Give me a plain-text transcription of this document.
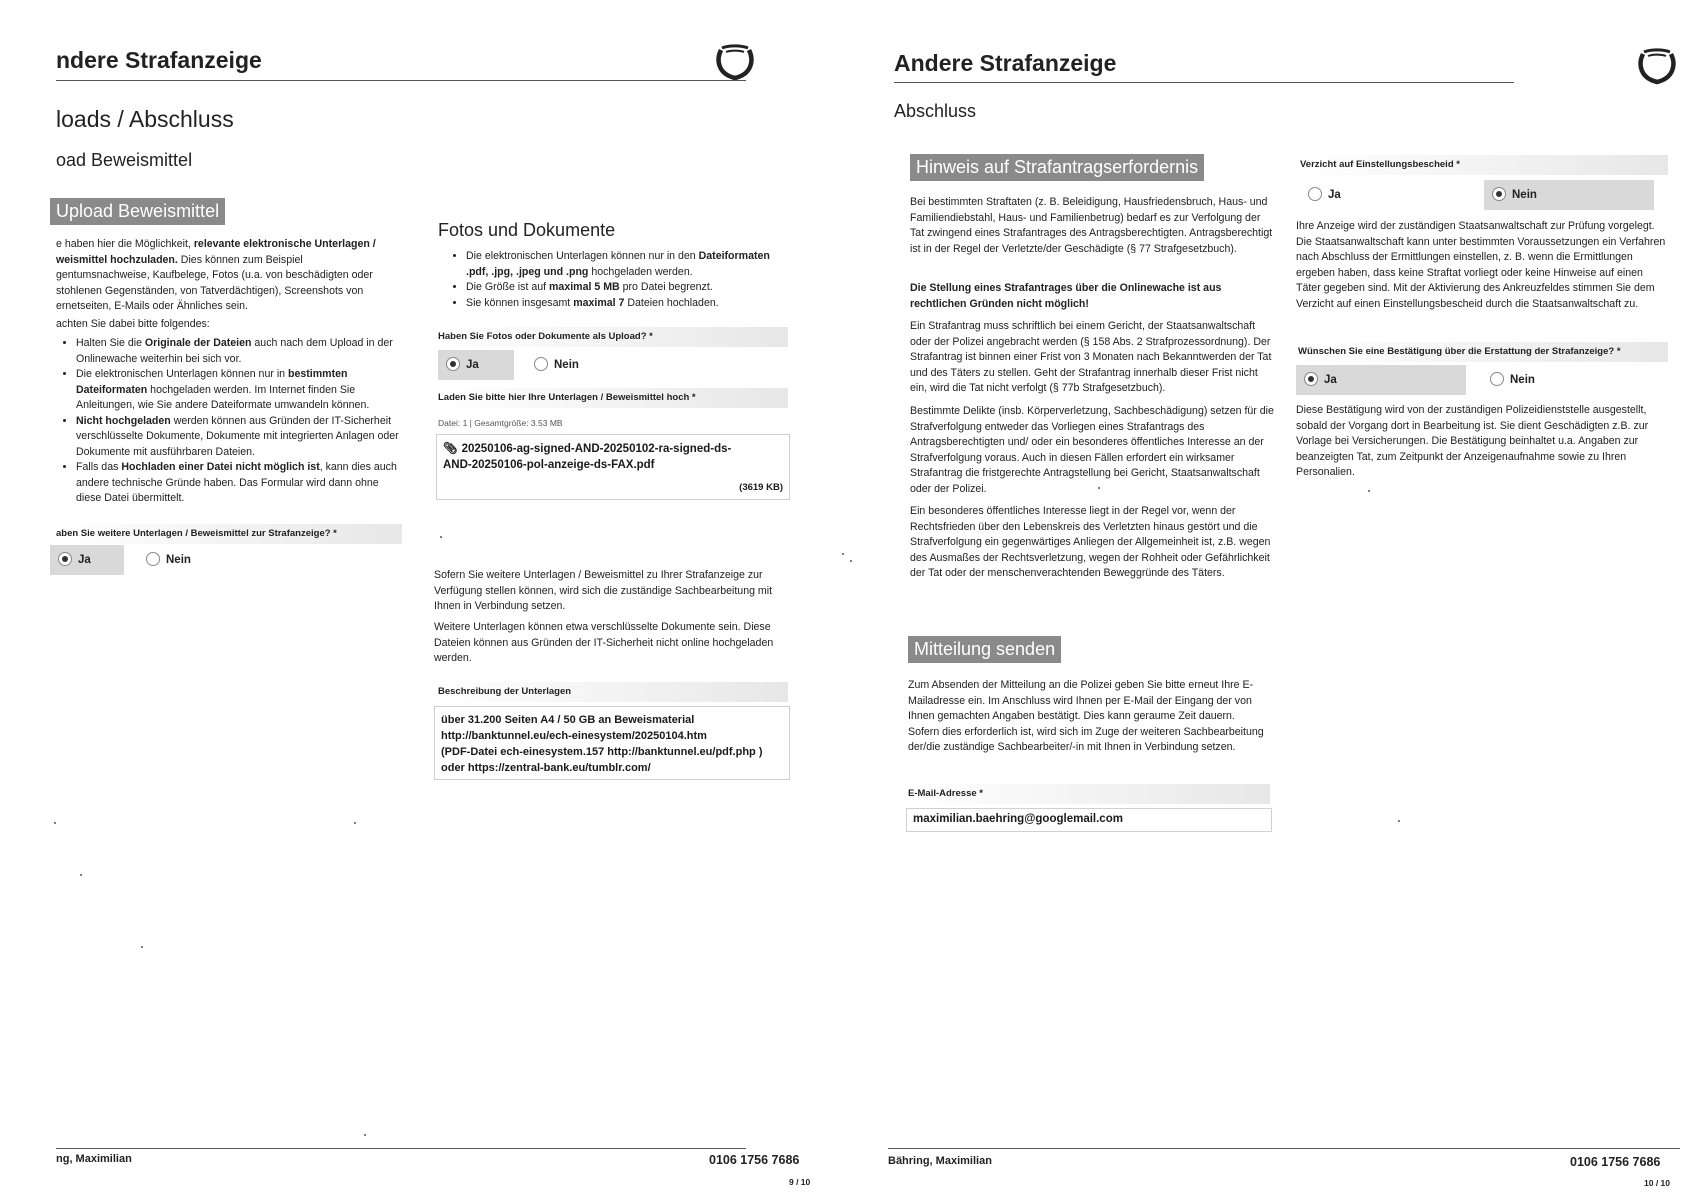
ndere Strafanzeige
loads / Abschluss
oad Beweismittel
Upload Beweismittel
e haben hier die Möglichkeit, relevante elektronische Unterlagen /
weismittel hochzuladen. Dies können zum Beispiel
gentumsnachweise, Kaufbelege, Fotos (u.a. von beschädigten oder
stohlenen Gegenständen, von Tatverdächtigen), Screenshots von
ernetseiten, E-Mails oder Ähnliches sein.
achten Sie dabei bitte folgendes:
• Halten Sie die Originale der Dateien auch nach dem Upload in der Onlinewache weiterhin bei sich vor.
• Die elektronischen Unterlagen können nur in bestimmten Dateiformaten hochgeladen werden. Im Internet finden Sie Anleitungen, wie Sie andere Dateiformate umwandeln können.
• Nicht hochgeladen werden können aus Gründen der IT-Sicherheit verschlüsselte Dokumente, Dokumente mit integrierten Anlagen oder Dokumente mit ausführbaren Dateien.
• Falls das Hochladen einer Datei nicht möglich ist, kann dies auch andere technische Gründe haben. Das Formular wird dann ohne diese Datei übermittelt.
aben Sie weitere Unterlagen / Beweismittel zur Strafanzeige? *
Ja	Nein
Fotos und Dokumente
• Die elektronischen Unterlagen können nur in den Dateiformaten .pdf, .jpg, .jpeg und .png hochgeladen werden.
• Die Größe ist auf maximal 5 MB pro Datei begrenzt.
• Sie können insgesamt maximal 7 Dateien hochladen.
Haben Sie Fotos oder Dokumente als Upload? *
Ja	Nein
Laden Sie bitte hier Ihre Unterlagen / Beweismittel hoch *
Datei: 1 | Gesamtgröße: 3.53 MB
📎︎ 20250106-ag-signed-AND-20250102-ra-signed-ds-AND-20250106-pol-anzeige-ds-FAX.pdf
(3619 KB)
Sofern Sie weitere Unterlagen / Beweismittel zu Ihrer Strafanzeige zur Verfügung stellen können, wird sich die zuständige Sachbearbeitung mit Ihnen in Verbindung setzen.
Weitere Unterlagen können etwa verschlüsselte Dokumente sein. Diese Dateien können aus Gründen der IT-Sicherheit nicht online hochgeladen werden.
Beschreibung der Unterlagen
über 31.200 Seiten A4 / 50 GB an Beweismaterial
http://banktunnel.eu/ech-einesystem/20250104.htm
(PDF-Datei ech-einesystem.157 http://banktunnel.eu/pdf.php )
oder https://zentral-bank.eu/tumblr.com/
ng, Maximilian	0106 1756 7686
9 / 10
Andere Strafanzeige
Abschluss
Hinweis auf Strafantragserfordernis
Bei bestimmten Straftaten (z. B. Beleidigung, Hausfriedensbruch, Haus- und Familiendiebstahl, Haus- und Familienbetrug) bedarf es zur Verfolgung der Tat zwingend eines Strafantrages des Antragsberechtigten. Antragsberechtigt ist in der Regel der Verletzte/der Geschädigte (§ 77 Strafgesetzbuch).
Die Stellung eines Strafantrages über die Onlinewache ist aus rechtlichen Gründen nicht möglich!
Ein Strafantrag muss schriftlich bei einem Gericht, der Staatsanwaltschaft oder der Polizei angebracht werden (§ 158 Abs. 2 Strafprozessordnung). Der Strafantrag ist binnen einer Frist von 3 Monaten nach Bekanntwerden der Tat und des Täters zu stellen. Geht der Strafantrag innerhalb dieser Frist nicht ein, wird die Tat nicht verfolgt (§ 77b Strafgesetzbuch).
Bestimmte Delikte (insb. Körperverletzung, Sachbeschädigung) setzen für die Strafverfolgung entweder das Vorliegen eines Strafantrags des Antragsberechtigten und/ oder ein besonderes öffentliches Interesse an der Strafverfolgung voraus. Auch in diesen Fällen erfordert ein wirksamer Strafantrag die fristgerechte Antragstellung bei Gericht, Staatsanwaltschaft oder der Polizei.
Ein besonderes öffentliches Interesse liegt in der Regel vor, wenn der Rechtsfrieden über den Lebenskreis des Verletzten hinaus gestört und die Strafverfolgung ein gegenwärtiges Anliegen der Allgemeinheit ist, z.B. wegen des Ausmaßes der Rechtsverletzung, wegen der Rohheit oder Gefährlichkeit der Tat oder der menschenverachtenden Beweggründe des Täters.
Mitteilung senden
Zum Absenden der Mitteilung an die Polizei geben Sie bitte erneut Ihre E-Mailadresse ein. Im Anschluss wird Ihnen per E-Mail der Eingang der von Ihnen gemachten Angaben bestätigt. Dies kann geraume Zeit dauern. Sofern dies erforderlich ist, wird sich im Zuge der weiteren Sachbearbeitung der/die zuständige Sachbearbeiter/-in mit Ihnen in Verbindung setzen.
E-Mail-Adresse *
maximilian.baehring@googlemail.com
Verzicht auf Einstellungsbescheid *
Ja	Nein
Ihre Anzeige wird der zuständigen Staatsanwaltschaft zur Prüfung vorgelegt. Die Staatsanwaltschaft kann unter bestimmten Voraussetzungen ein Verfahren nach Abschluss der Ermittlungen einstellen, z. B. wenn die Ermittlungen ergeben haben, dass keine Straftat vorliegt oder keine Hinweise auf einen Täter gegeben sind. Mit der Aktivierung des Ankreuzfeldes stimmen Sie dem Verzicht auf einen Einstellungsbescheid durch die Staatsanwaltschaft zu.
Wünschen Sie eine Bestätigung über die Erstattung der Strafanzeige? *
Ja	Nein
Diese Bestätigung wird von der zuständigen Polizeidienststelle ausgestellt, sobald der Vorgang dort in Bearbeitung ist. Sie dient Geschädigten z.B. zur Vorlage bei Versicherungen. Die Bestätigung beinhaltet u.a. Angaben zur beanzeigten Tat, zum Zeitpunkt der Anzeigenaufnahme sowie zu Ihren Personalien.
Bähring, Maximilian	0106 1756 7686
10 / 10
